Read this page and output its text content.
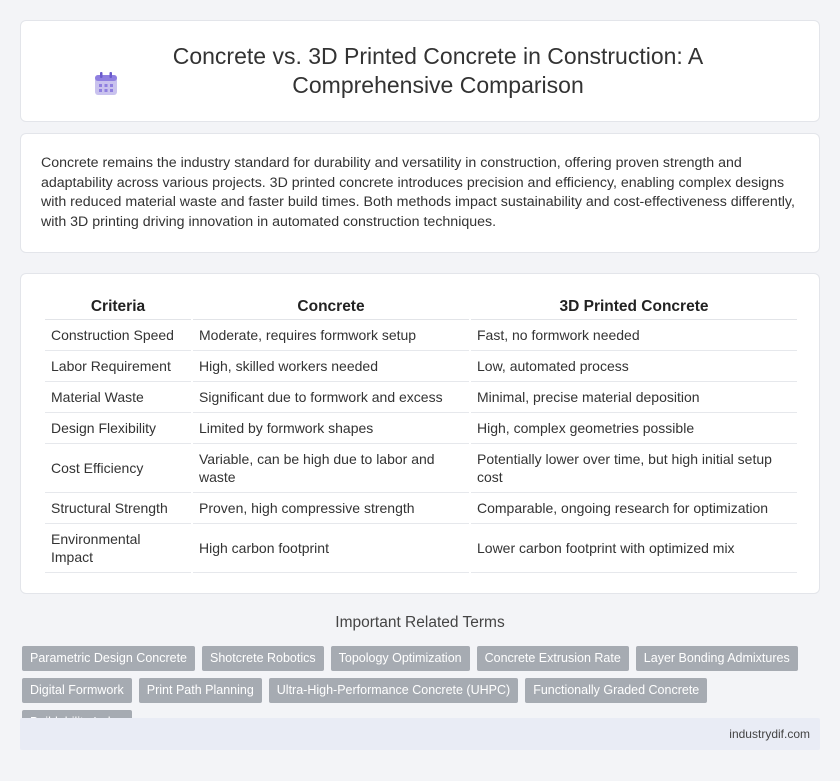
Concrete vs. 3D Printed Concrete in Construction: A Comprehensive Comparison

Concrete remains the industry standard for durability and versatility in construction, offering proven strength and adaptability across various projects. 3D printed concrete introduces precision and efficiency, enabling complex designs with reduced material waste and faster build times. Both methods impact sustainability and cost-effectiveness differently, with 3D printing driving innovation in automated construction techniques.

Criteria	Concrete	3D Printed Concrete
Construction Speed	Moderate, requires formwork setup	Fast, no formwork needed
Labor Requirement	High, skilled workers needed	Low, automated process
Material Waste	Significant due to formwork and excess	Minimal, precise material deposition
Design Flexibility	Limited by formwork shapes	High, complex geometries possible
Cost Efficiency	Variable, can be high due to labor and waste	Potentially lower over time, but high initial setup cost
Structural Strength	Proven, high compressive strength	Comparable, ongoing research for optimization
Environmental Impact	High carbon footprint	Lower carbon footprint with optimized mix
Important Related Terms
Parametric Design Concrete	Shotcrete Robotics	Topology Optimization	Concrete Extrusion Rate	Layer Bonding Admixtures
Digital Formwork	Print Path Planning	Ultra-High-Performance Concrete (UHPC)	Functionally Graded Concrete
industrydif.com
